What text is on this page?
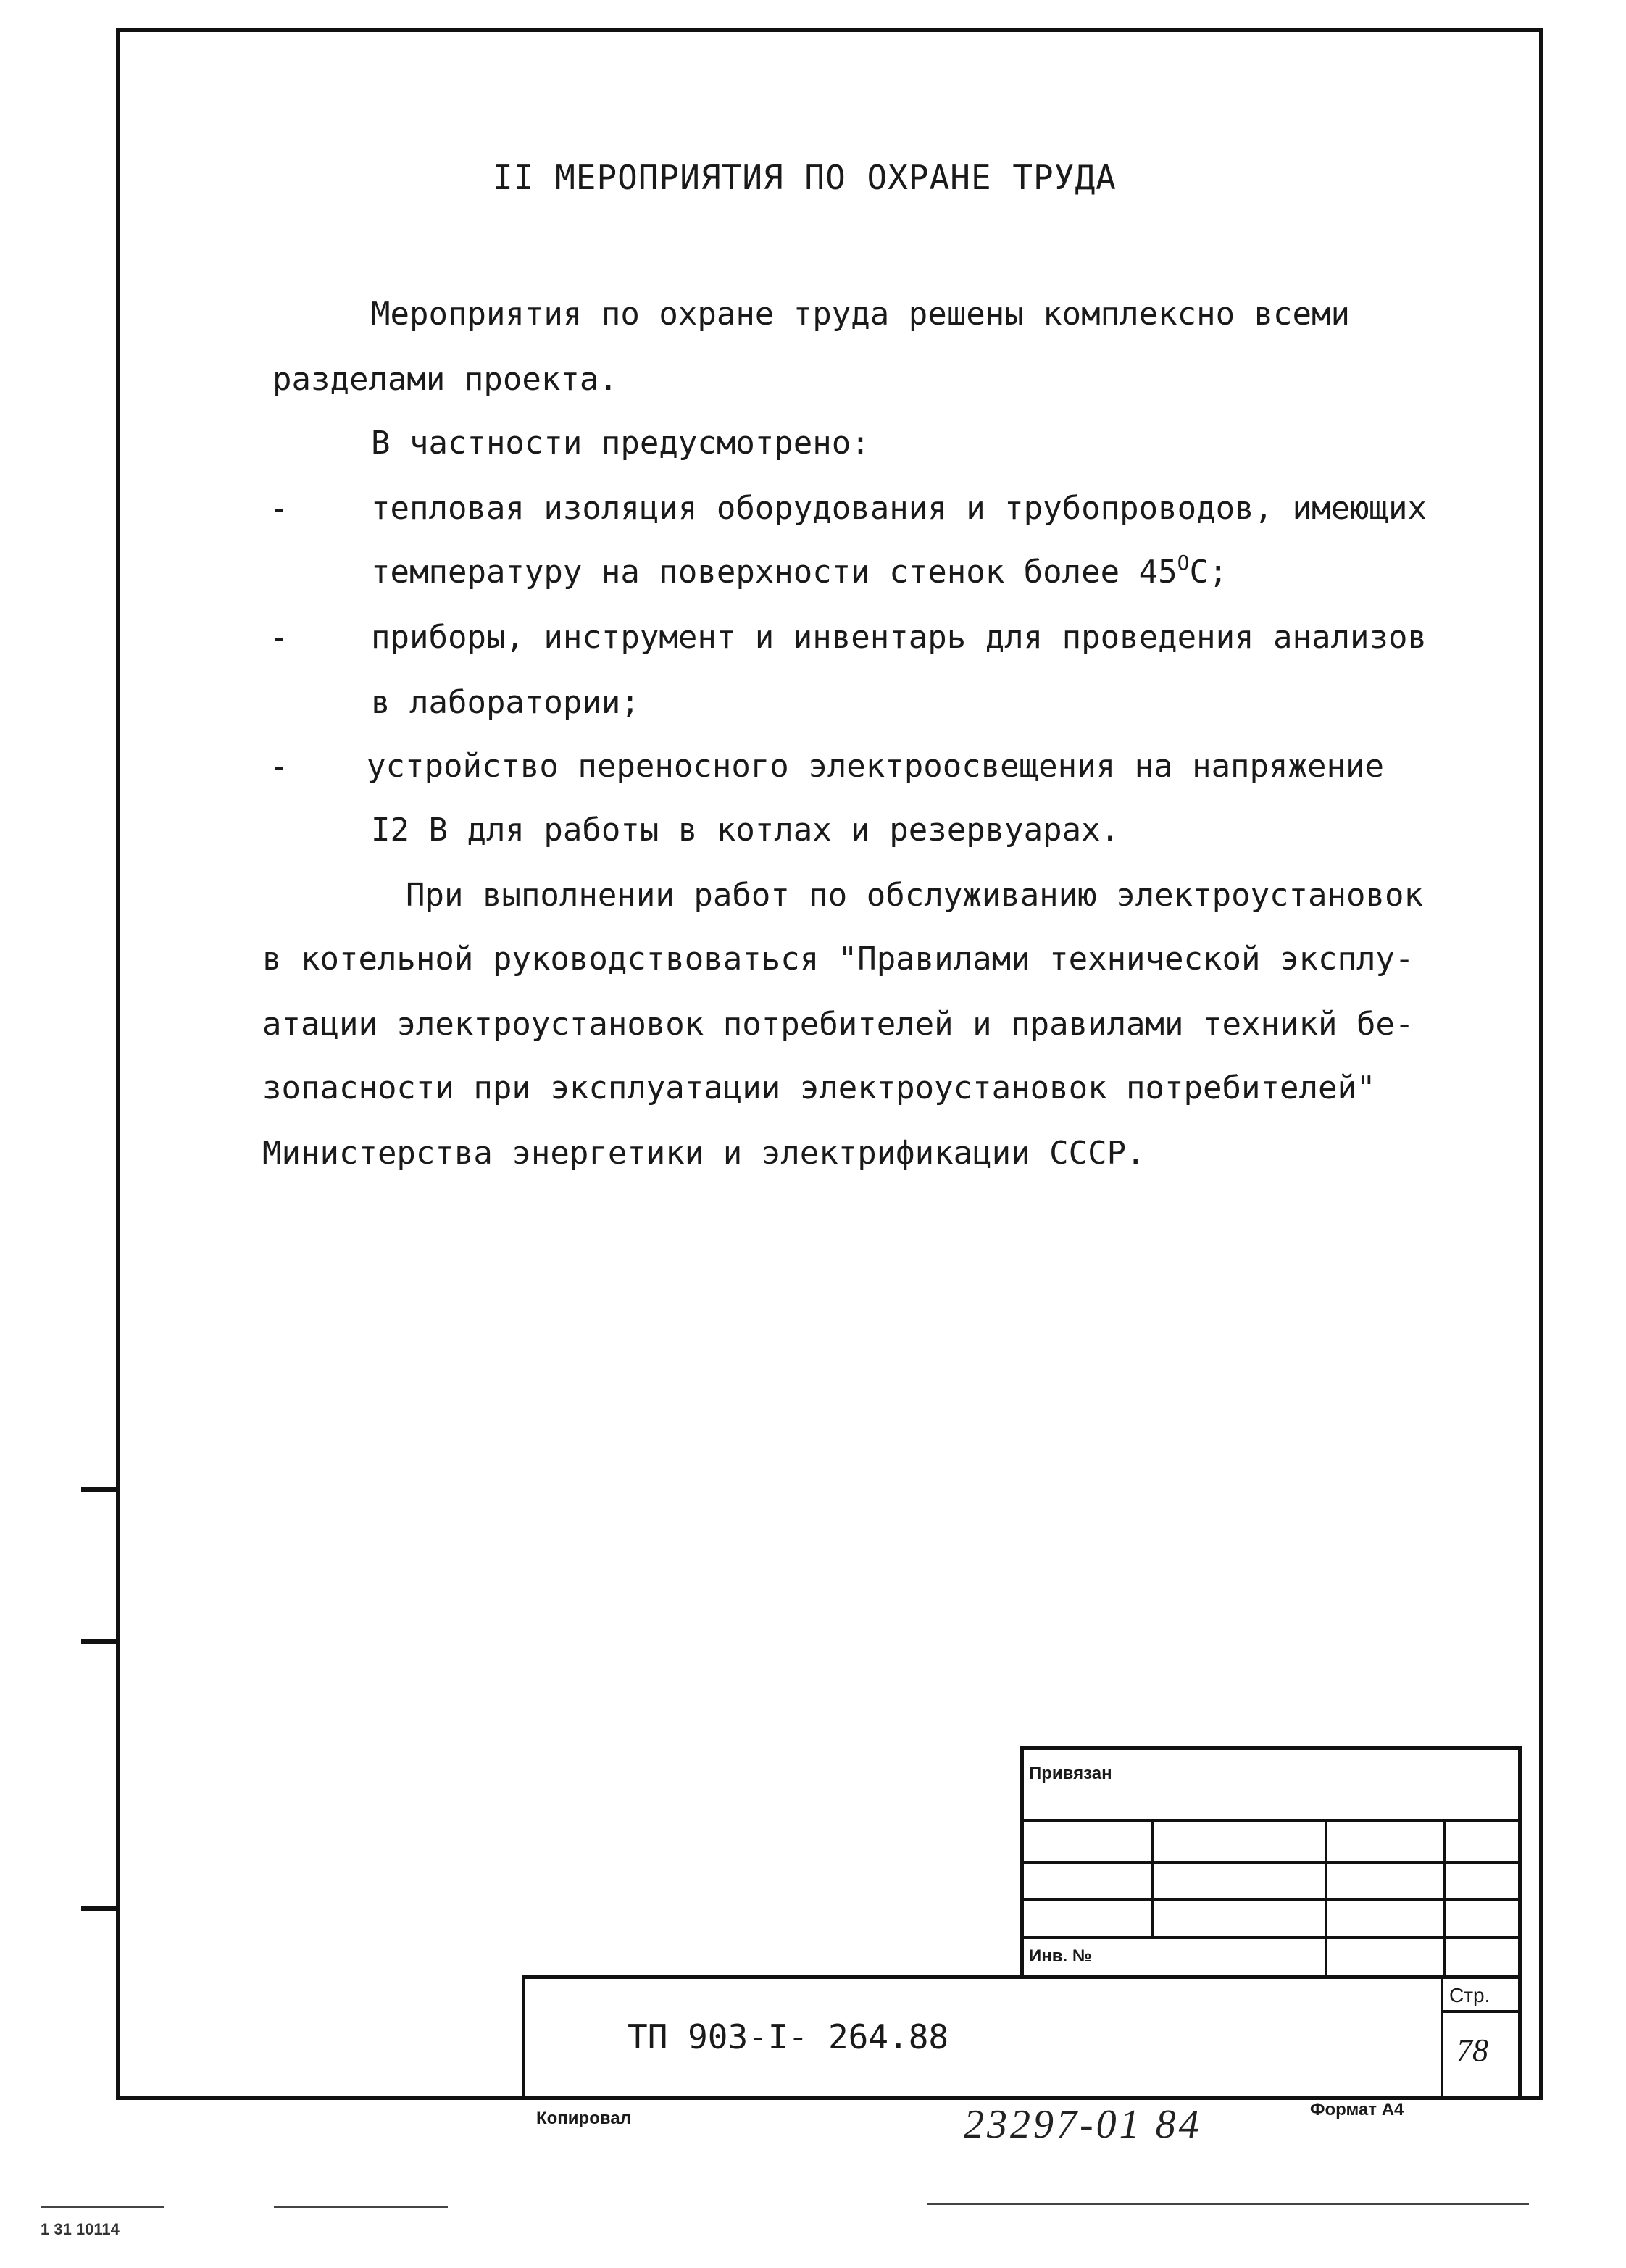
II МЕРОПРИЯТИЯ ПО ОХРАНЕ ТРУДА
Мероприятия по охране труда решены комплексно всеми
разделами проекта.
В частности предусмотрено:
-	тепловая изоляция оборудования и трубопроводов, имеющих
температуру на поверхности стенок более $45^OС$;
-	приборы, инструмент и инвентарь для проведения анализов
в лаборатории;
- устройство переносного электроосвещения на напряжение
I2 В для работы в котлах и резервуарах.
При выполнении работ по обслуживанию электроустановок
в котельной руководствоваться "Правилами технической эксплу-
атации электроустановок потребителей и правилами техникй бе-
зопасности при эксплуатации электроустановок потребителей"
Министерства энергетики и электрификации СССР.
Привязан
Инв. №
Стр.
78
ТП 903-I- 264.88
Копировал	23297-01 84	Формат А4
1 31 10114
